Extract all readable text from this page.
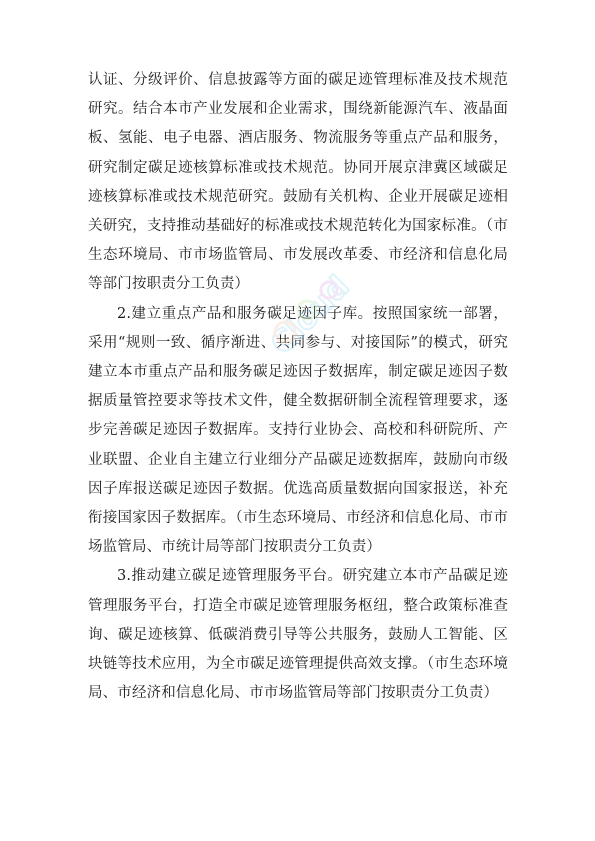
认证、分级评价、信息披露等方面的碳足迹管理标准及技术规范研究。结合本市产业发展和企业需求，围绕新能源汽车、液晶面板、氢能、电子电器、酒店服务、物流服务等重点产品和服务，研究制定碳足迹核算标准或技术规范。协同开展京津冀区域碳足迹核算标准或技术规范研究。鼓励有关机构、企业开展碳足迹相关研究，支持推动基础好的标准或技术规范转化为国家标准。（市生态环境局、市市场监管局、市发展改革委、市经济和信息化局等部门按职责分工负责）

2.建立重点产品和服务碳足迹因子库。按照国家统一部署，采用“规则一致、循序渐进、共同参与、对接国际”的模式，研究建立本市重点产品和服务碳足迹因子数据库，制定碳足迹因子数据质量管控要求等技术文件，健全数据研制全流程管理要求，逐步完善碳足迹因子数据库。支持行业协会、高校和科研院所、产业联盟、企业自主建立行业细分产品碳足迹数据库，鼓励向市级因子库报送碳足迹因子数据。优选高质量数据向国家报送，补充衔接国家因子数据库。（市生态环境局、市经济和信息化局、市市场监管局、市统计局等部门按职责分工负责）

3.推动建立碳足迹管理服务平台。研究建立本市产品碳足迹管理服务平台，打造全市碳足迹管理服务枢纽，整合政策标准查询、碳足迹核算、低碳消费引导等公共服务，鼓励人工智能、区块链等技术应用，为全市碳足迹管理提供高效支撑。（市生态环境局、市经济和信息化局、市市场监管局等部门按职责分工负责）

Cloud
